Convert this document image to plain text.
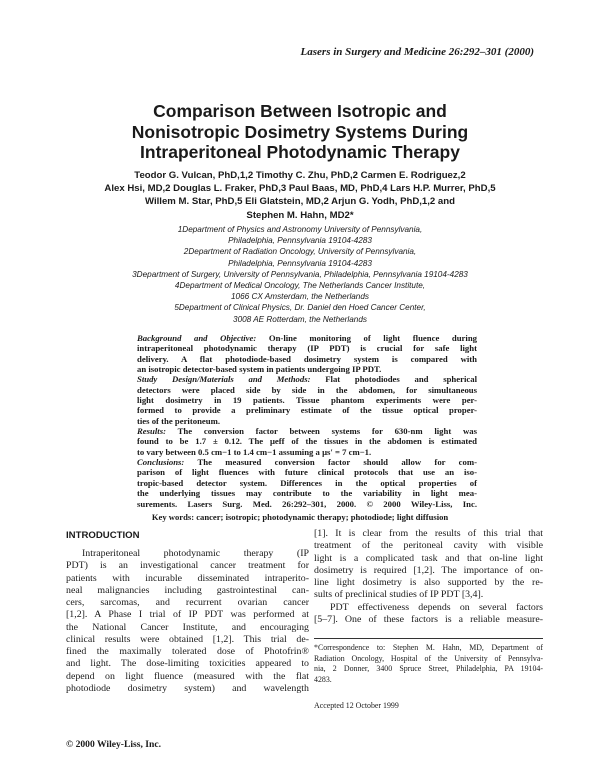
Lasers in Surgery and Medicine 26:292–301 (2000)
Comparison Between Isotropic and
Nonisotropic Dosimetry Systems During
Intraperitoneal Photodynamic Therapy
Teodor G. Vulcan, PhD,1,2 Timothy C. Zhu, PhD,2 Carmen E. Rodriguez,2
Alex Hsi, MD,2 Douglas L. Fraker, PhD,3 Paul Baas, MD, PhD,4 Lars H.P. Murrer, PhD,5
Willem M. Star, PhD,5 Eli Glatstein, MD,2 Arjun G. Yodh, PhD,1,2 and
Stephen M. Hahn, MD2*
1Department of Physics and Astronomy University of Pennsylvania,
Philadelphia, Pennsylvania 19104-4283
2Department of Radiation Oncology, University of Pennsylvania,
Philadelphia, Pennsylvania 19104-4283
3Department of Surgery, University of Pennsylvania, Philadelphia, Pennsylvania 19104-4283
4Department of Medical Oncology, The Netherlands Cancer Institute,
1066 CX Amsterdam, the Netherlands
5Department of Clinical Physics, Dr. Daniel den Hoed Cancer Center,
3008 AE Rotterdam, the Netherlands
Background and Objective: On-line monitoring of light fluence during
intraperitoneal photodynamic therapy (IP PDT) is crucial for safe light
delivery. A flat photodiode-based dosimetry system is compared with
an isotropic detector-based system in patients undergoing IP PDT.
Study Design/Materials and Methods: Flat photodiodes and spherical
detectors were placed side by side in the abdomen, for simultaneous
light dosimetry in 19 patients. Tissue phantom experiments were per-
formed to provide a preliminary estimate of the tissue optical proper-
ties of the peritoneum.
Results: The conversion factor between systems for 630-nm light was
found to be 1.7 ± 0.12. The μeff of the tissues in the abdomen is estimated
to vary between 0.5 cm−1 to 1.4 cm−1 assuming a μs′ = 7 cm−1.
Conclusions: The measured conversion factor should allow for com-
parison of light fluences with future clinical protocols that use an iso-
tropic-based detector system. Differences in the optical properties of
the underlying tissues may contribute to the variability in light mea-
surements. Lasers Surg. Med. 26:292–301, 2000. © 2000 Wiley-Liss, Inc.
Key words: cancer; isotropic; photodynamic therapy; photodiode; light diffusion
INTRODUCTION
Intraperitoneal photodynamic therapy (IP
PDT) is an investigational cancer treatment for
patients with incurable disseminated intraperito-
neal malignancies including gastrointestinal can-
cers, sarcomas, and recurrent ovarian cancer
[1,2]. A Phase I trial of IP PDT was performed at
the National Cancer Institute, and encouraging
clinical results were obtained [1,2]. This trial de-
fined the maximally tolerated dose of Photofrin®
and light. The dose-limiting toxicities appeared to
depend on light fluence (measured with the flat
photodiode dosimetry system) and wavelength
[1]. It is clear from the results of this trial that
treatment of the peritoneal cavity with visible
light is a complicated task and that on-line light
dosimetry is required [1,2]. The importance of on-
line light dosimetry is also supported by the re-
sults of preclinical studies of IP PDT [3,4].
PDT effectiveness depends on several factors
[5–7]. One of these factors is a reliable measure-
*Correspondence to: Stephen M. Hahn, MD, Department of
Radiation Oncology, Hospital of the University of Pennsylva-
nia, 2 Donner, 3400 Spruce Street, Philadelphia, PA 19104-
4283.
Accepted 12 October 1999
© 2000 Wiley-Liss, Inc.
